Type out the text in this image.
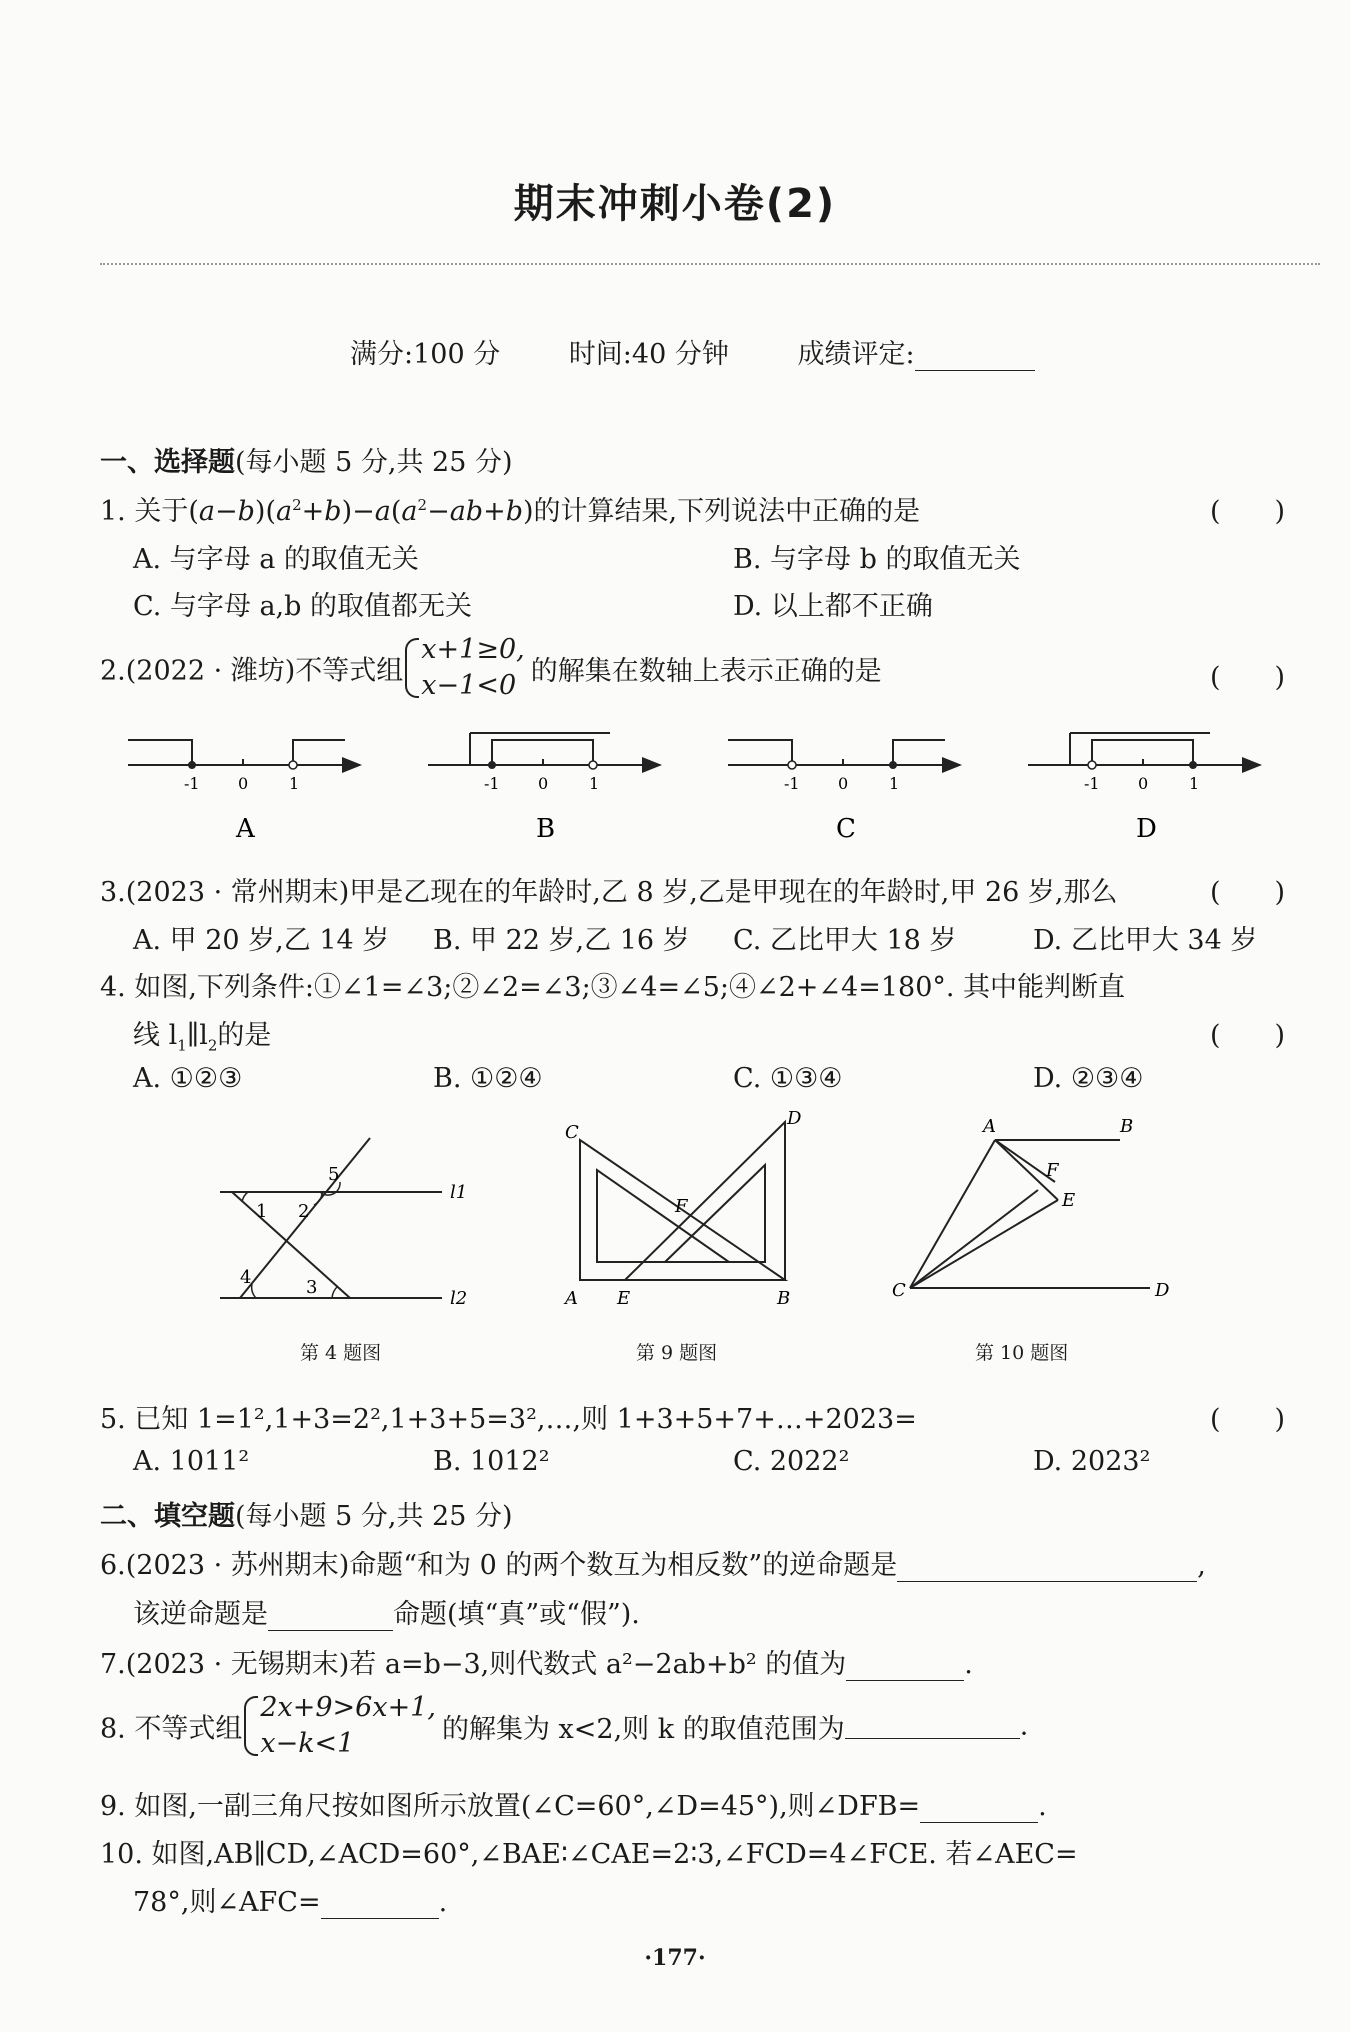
期末冲刺小卷(2)
满分:100 分	时间:40 分钟	成绩评定:
一、选择题(每小题 5 分,共 25 分)
1. 关于$(a-b)(a^2+b)-a(a^2-ab+b)$的计算结果,下列说法中正确的是	(　　)
A. 与字母 a 的取值无关	B. 与字母 b 的取值无关
C. 与字母 a,b 的取值都无关	D. 以上都不正确
2.(2022 · 潍坊)不等式组x+1≥0,
x−1<0 的解集在数轴上表示正确的是	(　　)
-1 0	1
A
-1 0	1
B
-1 0	1
C
-1 0	1
D
3.(2023 · 常州期末)甲是乙现在的年龄时,乙 8 岁,乙是甲现在的年龄时,甲 26 岁,那么	(　　)
A. 甲 20 岁,乙 14 岁 B. 甲 22 岁,乙 16 岁 C. 乙比甲大 18 岁	D. 乙比甲大 34 岁
4. 如图,下列条件:①∠1=∠3;②∠2=∠3;③∠4=∠5;④∠2+∠4=180°. 其中能判断直
线 $l_1\parallel l_2$的是	(　　)
A. ①②③	B. ①②④	C. ①③④	D. ②③④
1 2
3
4
5
l1
l2
第 4 题图
C
D
A E	B
F
第 9 题图
A	B
C	D
E
F
第 10 题图
5. 已知 1=1²,1+3=2²,1+3+5=3²,…,则 1+3+5+7+…+2023=	(　　)
A. 1011²	B. 1012²	C. 2022²	D. 2023²
二、填空题(每小题 5 分,共 25 分)
6.(2023 · 苏州期末)命题“和为 0 的两个数互为相反数”的逆命题是	,
该逆命题是	命题(填“真”或“假”).
7.(2023 · 无锡期末)若 a=b−3,则代数式 a²−2ab+b² 的值为	.
8. 不等式组2x+9>6x+1,
x−k<1	的解集为 x<2,则 k 的取值范围为	.
9. 如图,一副三角尺按如图所示放置(∠C=60°,∠D=45°),则∠DFB=	.
10. 如图,AB∥CD,∠ACD=60°,∠BAE∶∠CAE=2∶3,∠FCD=4∠FCE. 若∠AEC=
78°,则∠AFC=	.
·177·
